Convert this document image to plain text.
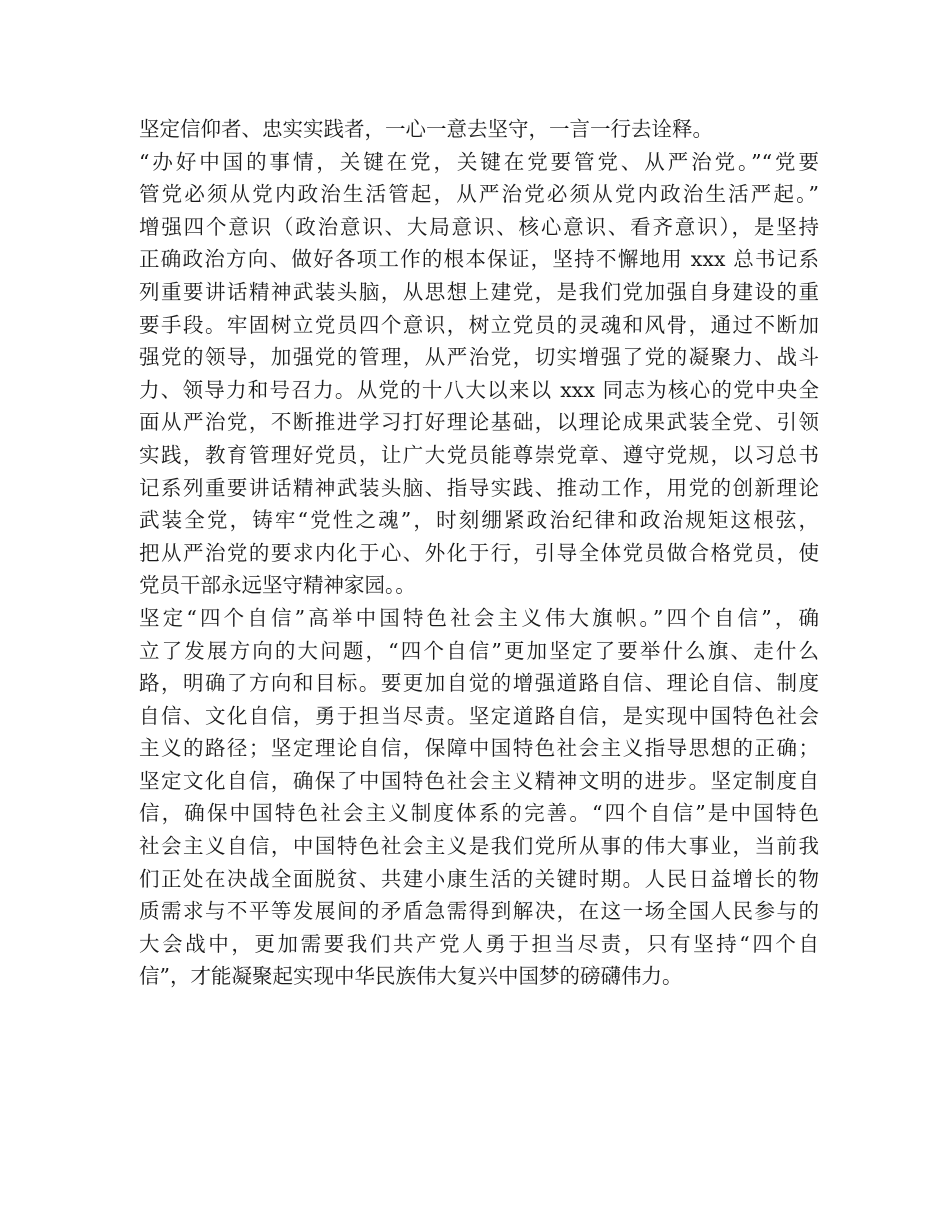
坚定信仰者、忠实实践者，一心一意去坚守，一言一行去诠释。
“办好中国的事情，关键在党，关键在党要管党、从严治党。”“党要
管党必须从党内政治生活管起，从严治党必须从党内政治生活严起。”
增强四个意识（政治意识、大局意识、核心意识、看齐意识），是坚持
正确政治方向、做好各项工作的根本保证，坚持不懈地用 xxx 总书记系
列重要讲话精神武装头脑，从思想上建党，是我们党加强自身建设的重
要手段。牢固树立党员四个意识，树立党员的灵魂和风骨，通过不断加
强党的领导，加强党的管理，从严治党，切实增强了党的凝聚力、战斗
力、领导力和号召力。从党的十八大以来以 xxx 同志为核心的党中央全
面从严治党，不断推进学习打好理论基础，以理论成果武装全党、引领
实践，教育管理好党员，让广大党员能尊崇党章、遵守党规，以习总书
记系列重要讲话精神武装头脑、指导实践、推动工作，用党的创新理论
武装全党，铸牢“党性之魂”，时刻绷紧政治纪律和政治规矩这根弦，
把从严治党的要求内化于心、外化于行，引导全体党员做合格党员，使
党员干部永远坚守精神家园。。
坚定“四个自信”高举中国特色社会主义伟大旗帜。”四个自信”，确
立了发展方向的大问题，“四个自信”更加坚定了要举什么旗、走什么
路，明确了方向和目标。要更加自觉的增强道路自信、理论自信、制度
自信、文化自信，勇于担当尽责。坚定道路自信，是实现中国特色社会
主义的路径；坚定理论自信，保障中国特色社会主义指导思想的正确；
坚定文化自信，确保了中国特色社会主义精神文明的进步。坚定制度自
信，确保中国特色社会主义制度体系的完善。“四个自信”是中国特色
社会主义自信，中国特色社会主义是我们党所从事的伟大事业，当前我
们正处在决战全面脱贫、共建小康生活的关键时期。人民日益增长的物
质需求与不平等发展间的矛盾急需得到解决，在这一场全国人民参与的
大会战中，更加需要我们共产党人勇于担当尽责，只有坚持“四个自
信”，才能凝聚起实现中华民族伟大复兴中国梦的磅礴伟力。
